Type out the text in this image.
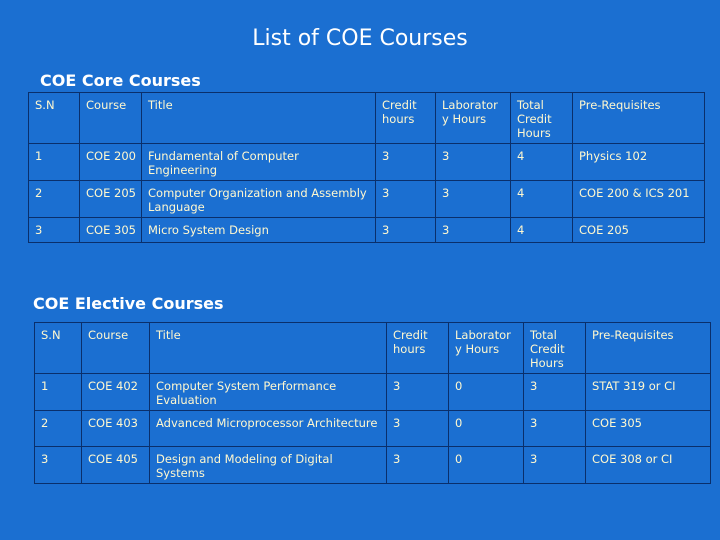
List of COE Courses
COE Core Courses
S.N	Course	Title	Credit hours	Laborator y Hours	Total Credit Hours	Pre-Requisites
1	COE 200	Fundamental of Computer Engineering	3	3	4	Physics 102
2	COE 205	Computer Organization and Assembly Language	3	3	4	COE 200 & ICS 201
3	COE 305	Micro System Design	3	3	4	COE 205
COE Elective Courses
S.N	Course	Title	Credit hours	Laborator y Hours	Total Credit Hours	Pre-Requisites
1	COE 402	Computer System Performance Evaluation	3	0	3	STAT 319 or CI
2	COE 403	Advanced Microprocessor Architecture	3	0	3	COE 305
3	COE 405	Design and Modeling of Digital Systems	3	0	3	COE 308 or CI
